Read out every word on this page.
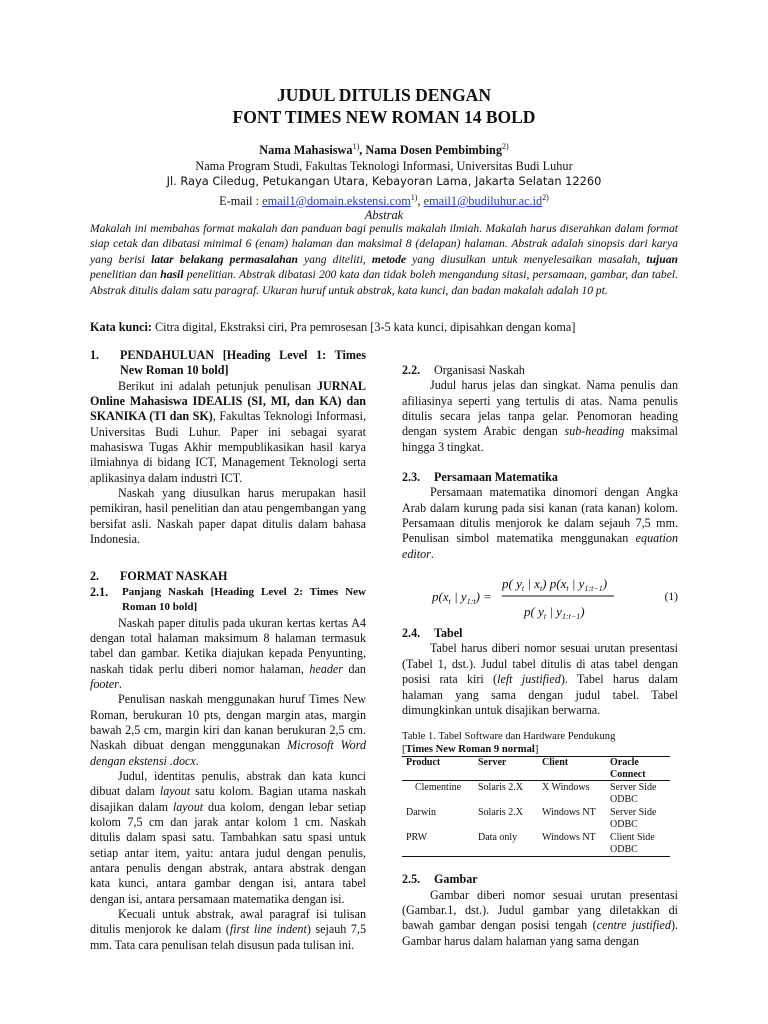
JUDUL DITULIS DENGAN
FONT TIMES NEW ROMAN 14 BOLD
Nama Mahasiswa$^{1)}$, Nama Dosen Pembimbing$^{2)}$
Nama Program Studi, Fakultas Teknologi Informasi, Universitas Budi Luhur
Jl. Raya Ciledug, Petukangan Utara, Kebayoran Lama, Jakarta Selatan 12260
E-mail : email1@domain.ekstensi.com$^{1)}$, $email1@budiluhur.ac.id^{2)}$
Abstrak
Makalah ini membahas format makalah dan panduan bagi penulis makalah ilmiah. Makalah harus diserahkan dalam format siap cetak dan dibatasi minimal 6 (enam) halaman dan maksimal 8 (delapan) halaman. Abstrak adalah sinopsis dari karya yang berisi latar belakang permasalahan yang diteliti, metode yang diusulkan untuk menyelesaikan masalah, tujuan penelitian dan hasil penelitian. Abstrak dibatasi 200 kata dan tidak boleh mengandung sitasi, persamaan, gambar, dan tabel. Abstrak ditulis dalam satu paragraf. Ukuran huruf untuk abstrak, kata kunci, dan badan makalah adalah 10 pt.
Kata kunci: Citra digital, Ekstraksi ciri, Pra pemrosesan [3-5 kata kunci, dipisahkan dengan koma]
1.	PENDAHULUAN [Heading Level 1: Times New Roman 10 bold]

Berikut ini adalah petunjuk penulisan JURNAL Online Mahasiswa IDEALIS (SI, MI, dan KA) dan SKANIKA (TI dan SK), Fakultas Teknologi Informasi, Universitas Budi Luhur. Paper ini sebagai syarat mahasiswa Tugas Akhir mempublikasikan hasil karya ilmiahnya di bidang ICT, Management Teknologi serta aplikasinya dalam industri ICT.

Naskah yang diusulkan harus merupakan hasil pemikiran, hasil penelitian dan atau pengembangan yang bersifat asli. Naskah paper dapat ditulis dalam bahasa Indonesia.

2.	FORMAT NASKAH
2.1.	Panjang Naskah [Heading Level 2: Times New Roman 10 bold]

Naskah paper ditulis pada ukuran kertas kertas A4 dengan total halaman maksimum 8 halaman termasuk tabel dan gambar. Ketika diajukan kepada Penyunting, naskah tidak perlu diberi nomor halaman, header dan footer.

Penulisan naskah menggunakan huruf Times New Roman, berukuran 10 pts, dengan margin atas, margin bawah 2,5 cm, margin kiri dan kanan berukuran 2,5 cm. Naskah dibuat dengan menggunakan Microsoft Word dengan ekstensi .docx.

Judul, identitas penulis, abstrak dan kata kunci dibuat dalam layout satu kolom. Bagian utama naskah disajikan dalam layout dua kolom, dengan lebar setiap kolom 7,5 cm dan jarak antar kolom 1 cm. Naskah ditulis dalam spasi satu. Tambahkan satu spasi untuk setiap antar item, yaitu: antara judul dengan penulis, antara penulis dengan abstrak, antara abstrak dengan kata kunci, antara gambar dengan isi, antara tabel dengan isi, antara persamaan matematika dengan isi.

Kecuali untuk abstrak, awal paragraf isi tulisan ditulis menjorok ke dalam (first line indent) sejauh 7,5 mm. Tata cara penulisan telah disusun pada tulisan ini.

2.2.	Organisasi Naskah

Judul harus jelas dan singkat. Nama penulis dan afiliasinya seperti yang tertulis di atas. Nama penulis ditulis secara jelas tanpa gelar. Penomoran heading dengan system Arabic dengan sub-heading maksimal hingga 3 tingkat.

2.3.	Persamaan Matematika

Persamaan matematika dinomori dengan Angka Arab dalam kurung pada sisi kanan (rata kanan) kolom. Persamaan ditulis menjorok ke dalam sejauh 7,5 mm. Penulisan simbol matematika menggunakan equation editor.

$p(x_t$ | $y_{1:t}$) =
p( $y_t$ | $x_t$) $p(x_t$ | $y_{1:t-1}$)
p( $y_t$ | $y_{1:t-1}$)
(1)
2.4.	Tabel

Tabel harus diberi nomor sesuai urutan presentasi (Tabel 1, dst.). Judul tabel ditulis di atas tabel dengan posisi rata kiri (left justified). Tabel harus dalam halaman yang sama dengan judul tabel. Tabel dimungkinkan untuk disajikan berwarna.

Table 1. Tabel Software dan Hardware Pendukung
[Times New Roman 9 normal]
Product	Server	Client	Oracle Connect
Clementine	Solaris 2.X	X Windows	Server Side ODBC
Darwin	Solaris 2.X	Windows NT	Server Side ODBC
PRW	Data only	Windows NT	Client Side ODBC
2.5.	Gambar

Gambar diberi nomor sesuai urutan presentasi (Gambar.1, dst.). Judul gambar yang diletakkan di bawah gambar dengan posisi tengah (centre justified). Gambar harus dalam halaman yang sama dengan
